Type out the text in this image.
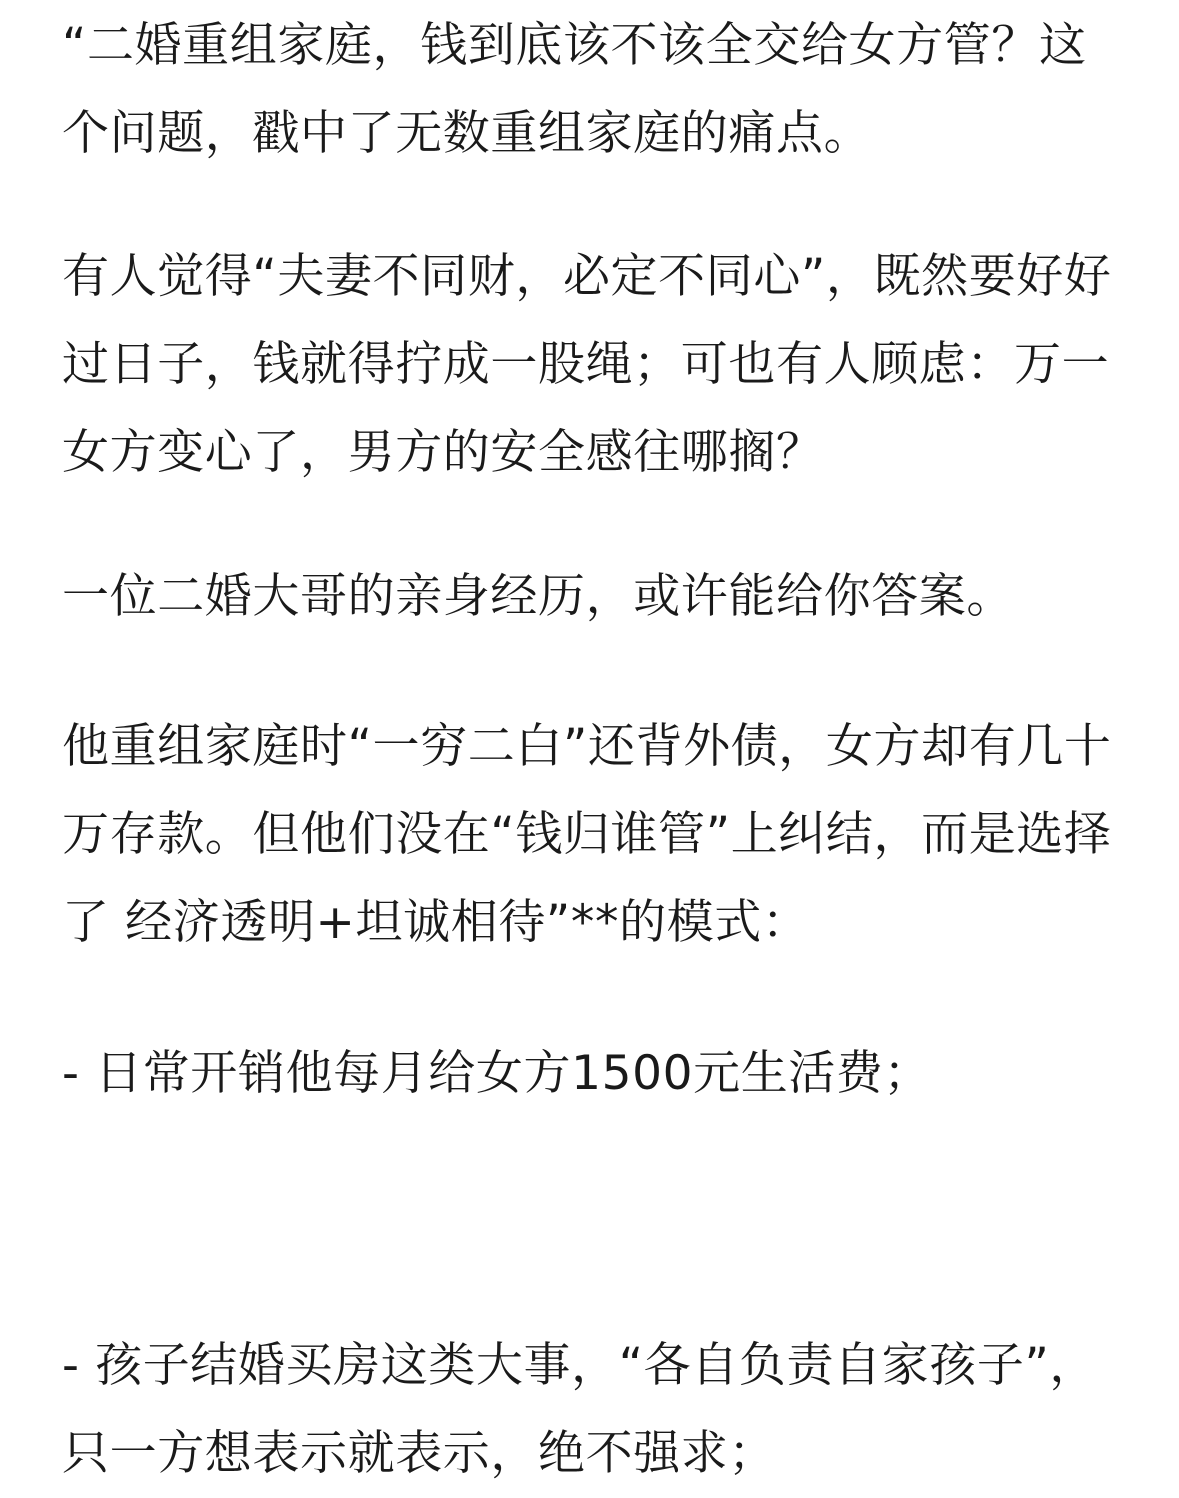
“二婚重组家庭，钱到底该不该全交给女方管？这个问题，戳中了无数重组家庭的痛点。

有人觉得“夫妻不同财，必定不同心”，既然要好好过日子，钱就得拧成一股绳；可也有人顾虑：万一女方变心了，男方的安全感往哪搁？

一位二婚大哥的亲身经历，或许能给你答案。

他重组家庭时“一穷二白”还背外债，女方却有几十万存款。但他们没在“钱归谁管”上纠结，而是选择了 经济透明+坦诚相待”**的模式：

- 日常开销他每月给女方1500元生活费；

- 孩子结婚买房这类大事，“各自负责自家孩子”，只一方想表示就表示，绝不强求；
